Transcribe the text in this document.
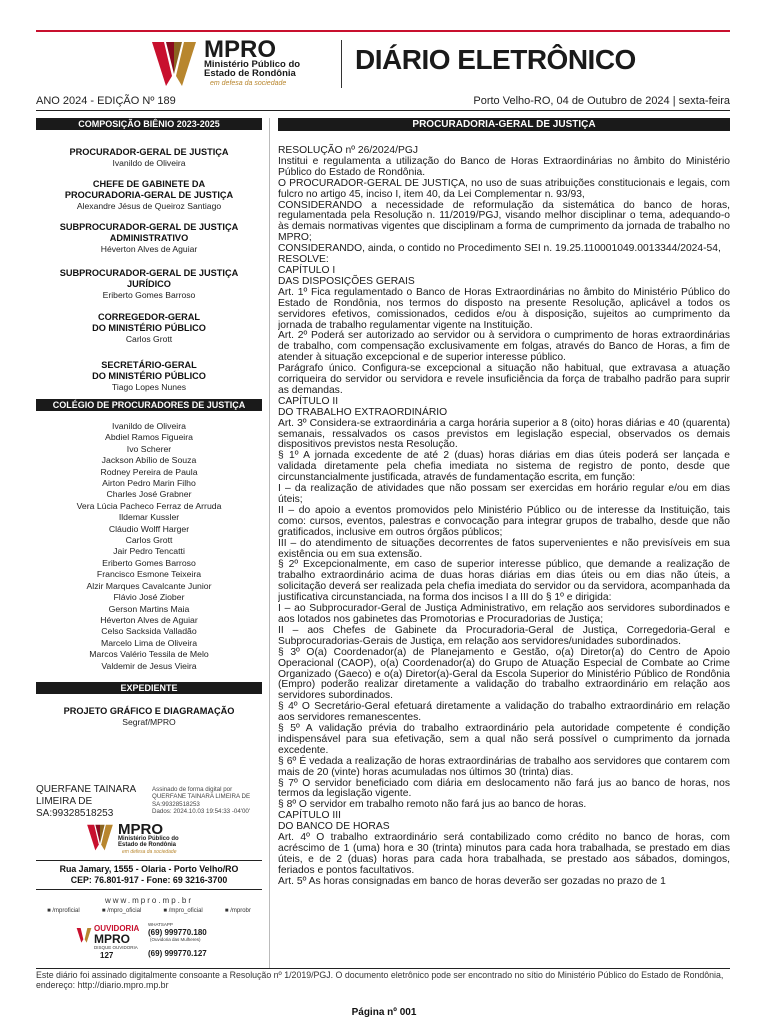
MPRO
Ministério Público do
Estado de Rondônia
em defesa da sociedade
DIÁRIO ELETRÔNICO
ANO 2024 - EDIÇÃO Nº 189	Porto Velho-RO, 04 de Outubro de 2024 | sexta-feira
COMPOSIÇÃO BIÊNIO 2023-2025
PROCURADOR-GERAL DE JUSTIÇA
Ivanildo de Oliveira
CHEFE DE GABINETE DA
PROCURADORIA-GERAL DE JUSTIÇA
Alexandre Jésus de Queiroz Santiago
SUBPROCURADOR-GERAL DE JUSTIÇA
ADMINISTRATIVO
Héverton Alves de Aguiar
SUBPROCURADOR-GERAL DE JUSTIÇA
JURÍDICO
Eriberto Gomes Barroso
CORREGEDOR-GERAL
DO MINISTÉRIO PÚBLICO
Carlos Grott
SECRETÁRIO-GERAL
DO MINISTÉRIO PÚBLICO
Tiago Lopes Nunes
COLÉGIO DE PROCURADORES DE JUSTIÇA
Ivanildo de Oliveira
Abdiel Ramos Figueira
Ivo Scherer
Jackson Abílio de Souza
Rodney Pereira de Paula
Airton Pedro Marin Filho
Charles José Grabner
Vera Lúcia Pacheco Ferraz de Arruda
Ildemar Kussler
Cláudio Wolff Harger
Carlos Grott
Jair Pedro Tencatti
Eriberto Gomes Barroso
Francisco Esmone Teixeira
Alzir Marques Cavalcante Junior
Flávio José Ziober
Gerson Martins Maia
Héverton Alves de Aguiar
Celso Sacksida Valladão
Marcelo Lima de Oliveira
Marcos Valério Tessila de Melo
Valdemir de Jesus Vieira
EXPEDIENTE
PROJETO GRÁFICO E DIAGRAMAÇÃO
Segraf/MPRO
QUERFANE TAINARA
LIMEIRA DE
SA:99328518253
Assinado de forma digital por
QUERFANE TAINARA LIMEIRA DE
SA:99328518253
Dados: 2024.10.03 19:54:33 -04'00'
MPRO
Ministério Público do
Estado de Rondônia
em defesa da sociedade
Rua Jamary, 1555 - Olaria - Porto Velho/RO
CEP: 76.801-917 - Fone: 69 3216-3700
www.mpro.mp.br
■ /mproficial	■ /mpro_oficial	■ /mpro_oficial	■ /mprobr
OUVIDORIA
MPRO
DISQUE OUVIDORIA
127
WHATSAPP
(69) 999770.180
(Ouvidoria das Mulheres)
(69) 999770.127
PROCURADORIA-GERAL DE JUSTIÇA

RESOLUÇÃO nº 26/2024/PGJ

Institui e regulamenta a utilização do Banco de Horas Extraordinárias no âmbito do Ministério Público do Estado de Rondônia.

O PROCURADOR-GERAL DE JUSTIÇA, no uso de suas atribuições constitucionais e legais, com fulcro no artigo 45, inciso I, item 40, da Lei Complementar n. 93/93,

CONSIDERANDO a necessidade de reformulação da sistemática do banco de horas, regulamentada pela Resolução n. 11/2019/PGJ, visando melhor disciplinar o tema, adequando-o às demais normativas vigentes que disciplinam a forma de cumprimento da jornada de trabalho no MPRO;

CONSIDERANDO, ainda, o contido no Procedimento SEI n. 19.25.110001049.0013344/2024-54,

RESOLVE:

CAPÍTULO I

DAS DISPOSIÇÕES GERAIS

Art. 1º Fica regulamentado o Banco de Horas Extraordinárias no âmbito do Ministério Público do Estado de Rondônia, nos termos do disposto na presente Resolução, aplicável a todos os servidores efetivos, comissionados, cedidos e/ou à disposição, sujeitos ao cumprimento da jornada de trabalho regulamentar vigente na Instituição.

Art. 2º Poderá ser autorizado ao servidor ou à servidora o cumprimento de horas extraordinárias de trabalho, com compensação exclusivamente em folgas, através do Banco de Horas, a fim de atender à situação excepcional e de superior interesse público.

Parágrafo único. Configura-se excepcional a situação não habitual, que extravasa a atuação corriqueira do servidor ou servidora e revele insuficiência da força de trabalho padrão para suprir as demandas.

CAPÍTULO II

DO TRABALHO EXTRAORDINÁRIO

Art. 3º Considera-se extraordinária a carga horária superior a 8 (oito) horas diárias e 40 (quarenta) semanais, ressalvados os casos previstos em legislação especial, observados os demais dispositivos previstos nesta Resolução.

§ 1º A jornada excedente de até 2 (duas) horas diárias em dias úteis poderá ser lançada e validada diretamente pela chefia imediata no sistema de registro de ponto, desde que circunstancialmente justificada, através de fundamentação escrita, em função:

I – da realização de atividades que não possam ser exercidas em horário regular e/ou em dias úteis;

II – do apoio a eventos promovidos pelo Ministério Público ou de interesse da Instituição, tais como: cursos, eventos, palestras e convocação para integrar grupos de trabalho, desde que não gratificados, inclusive em outros órgãos públicos;

III – do atendimento de situações decorrentes de fatos supervenientes e não previsíveis em sua existência ou em sua extensão.

§ 2º Excepcionalmente, em caso de superior interesse público, que demande a realização de trabalho extraordinário acima de duas horas diárias em dias úteis ou em dias não úteis, a solicitação deverá ser realizada pela chefia imediata do servidor ou da servidora, acompanhada da justificativa circunstanciada, na forma dos incisos I a III do § 1º e dirigida:

I – ao Subprocurador-Geral de Justiça Administrativo, em relação aos servidores subordinados e aos lotados nos gabinetes das Promotorias e Procuradorias de Justiça;

II – aos Chefes de Gabinete da Procuradoria-Geral de Justiça, Corregedoria-Geral e Subprocuradorias-Gerais de Justiça, em relação aos servidores/unidades subordinados.

§ 3º O(a) Coordenador(a) de Planejamento e Gestão, o(a) Diretor(a) do Centro de Apoio Operacional (CAOP), o(a) Coordenador(a) do Grupo de Atuação Especial de Combate ao Crime Organizado (Gaeco) e o(a) Diretor(a)-Geral da Escola Superior do Ministério Público de Rondônia (Empro) poderão realizar diretamente a validação do trabalho extraordinário em relação aos servidores subordinados.

§ 4º O Secretário-Geral efetuará diretamente a validação do trabalho extraordinário em relação aos servidores remanescentes.

§ 5º A validação prévia do trabalho extraordinário pela autoridade competente é condição indispensável para sua efetivação, sem a qual não será possível o cumprimento da jornada excedente.

§ 6º É vedada a realização de horas extraordinárias de trabalho aos servidores que contarem com mais de 20 (vinte) horas acumuladas nos últimos 30 (trinta) dias.

§ 7º O servidor beneficiado com diária em deslocamento não fará jus ao banco de horas, nos termos da legislação vigente.

§ 8º O servidor em trabalho remoto não fará jus ao banco de horas.

CAPÍTULO III

DO BANCO DE HORAS

Art. 4º O trabalho extraordinário será contabilizado como crédito no banco de horas, com acréscimo de 1 (uma) hora e 30 (trinta) minutos para cada hora trabalhada, se prestado em dias úteis, e de 2 (duas) horas para cada hora trabalhada, se prestado aos sábados, domingos, feriados e pontos facultativos.

Art. 5º As horas consignadas em banco de horas deverão ser gozadas no prazo de 1

Este diário foi assinado digitalmente consoante a Resolução nº 1/2019/PGJ. O documento eletrônico pode ser encontrado no sítio do Ministério Público do Estado de Rondônia, endereço: http://diario.mpro.mp.br
Página nº 001
